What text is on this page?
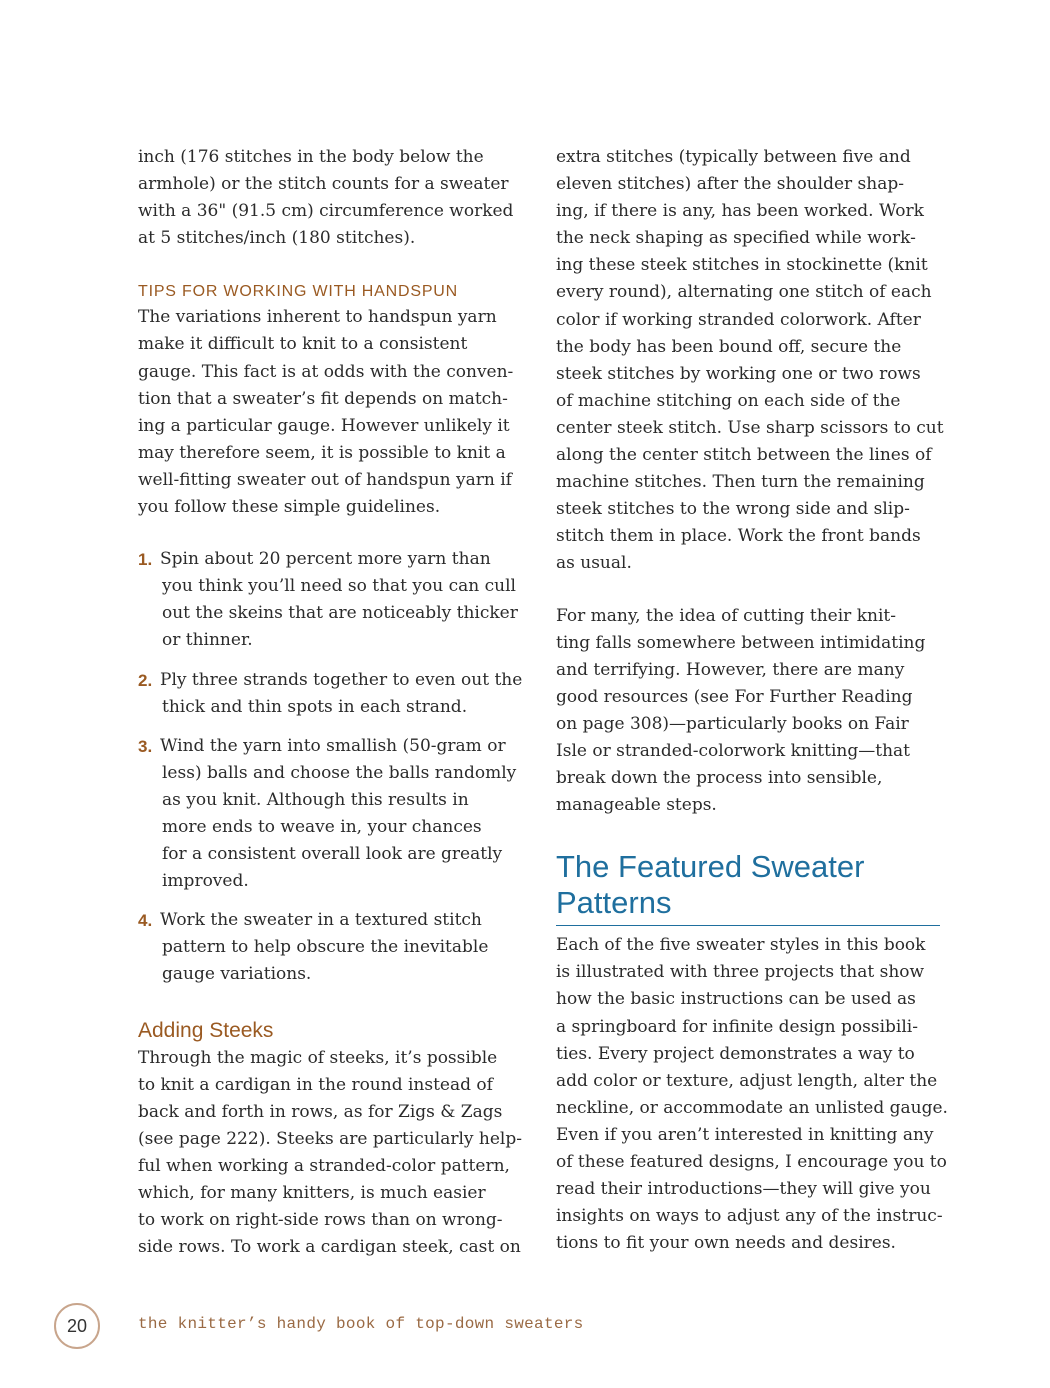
inch (176 stitches in the body below the
armhole) or the stitch counts for a sweater
with a 36" (91.5 cm) circumference worked
at 5 stitches/inch (180 stitches).

TIPS FOR WORKING WITH HANDSPUN

The variations inherent to handspun yarn
make it difficult to knit to a consistent
gauge. This fact is at odds with the conven-
tion that a sweater’s fit depends on match-
ing a particular gauge. However unlikely it
may therefore seem, it is possible to knit a
well-fitting sweater out of handspun yarn if
you follow these simple guidelines.

1. Spin about 20 percent more yarn than
you think you’ll need so that you can cull
out the skeins that are noticeably thicker
or thinner.
2. Ply three strands together to even out the
thick and thin spots in each strand.
3. Wind the yarn into smallish (50-gram or
less) balls and choose the balls randomly
as you knit. Although this results in
more ends to weave in, your chances
for a consistent overall look are greatly
improved.
4. Work the sweater in a textured stitch
pattern to help obscure the inevitable
gauge variations.
Adding Steeks

Through the magic of steeks, it’s possible
to knit a cardigan in the round instead of
back and forth in rows, as for Zigs & Zags
(see page 222). Steeks are particularly help-
ful when working a stranded-color pattern,
which, for many knitters, is much easier
to work on right-side rows than on wrong-
side rows. To work a cardigan steek, cast on

extra stitches (typically between five and
eleven stitches) after the shoulder shap-
ing, if there is any, has been worked. Work
the neck shaping as specified while work-
ing these steek stitches in stockinette (knit
every round), alternating one stitch of each
color if working stranded colorwork. After
the body has been bound off, secure the
steek stitches by working one or two rows
of machine stitching on each side of the
center steek stitch. Use sharp scissors to cut
along the center stitch between the lines of
machine stitches. Then turn the remaining
steek stitches to the wrong side and slip-
stitch them in place. Work the front bands
as usual.

For many, the idea of cutting their knit-
ting falls somewhere between intimidating
and terrifying. However, there are many
good resources (see For Further Reading
on page 308)—particularly books on Fair
Isle or stranded-colorwork knitting—that
break down the process into sensible,
manageable steps.

The Featured Sweater
Patterns

Each of the five sweater styles in this book
is illustrated with three projects that show
how the basic instructions can be used as
a springboard for infinite design possibili-
ties. Every project demonstrates a way to
add color or texture, adjust length, alter the
neckline, or accommodate an unlisted gauge.
Even if you aren’t interested in knitting any
of these featured designs, I encourage you to
read their introductions—they will give you
insights on ways to adjust any of the instruc-
tions to fit your own needs and desires.

20	the knitter’s handy book of top-down sweaters
